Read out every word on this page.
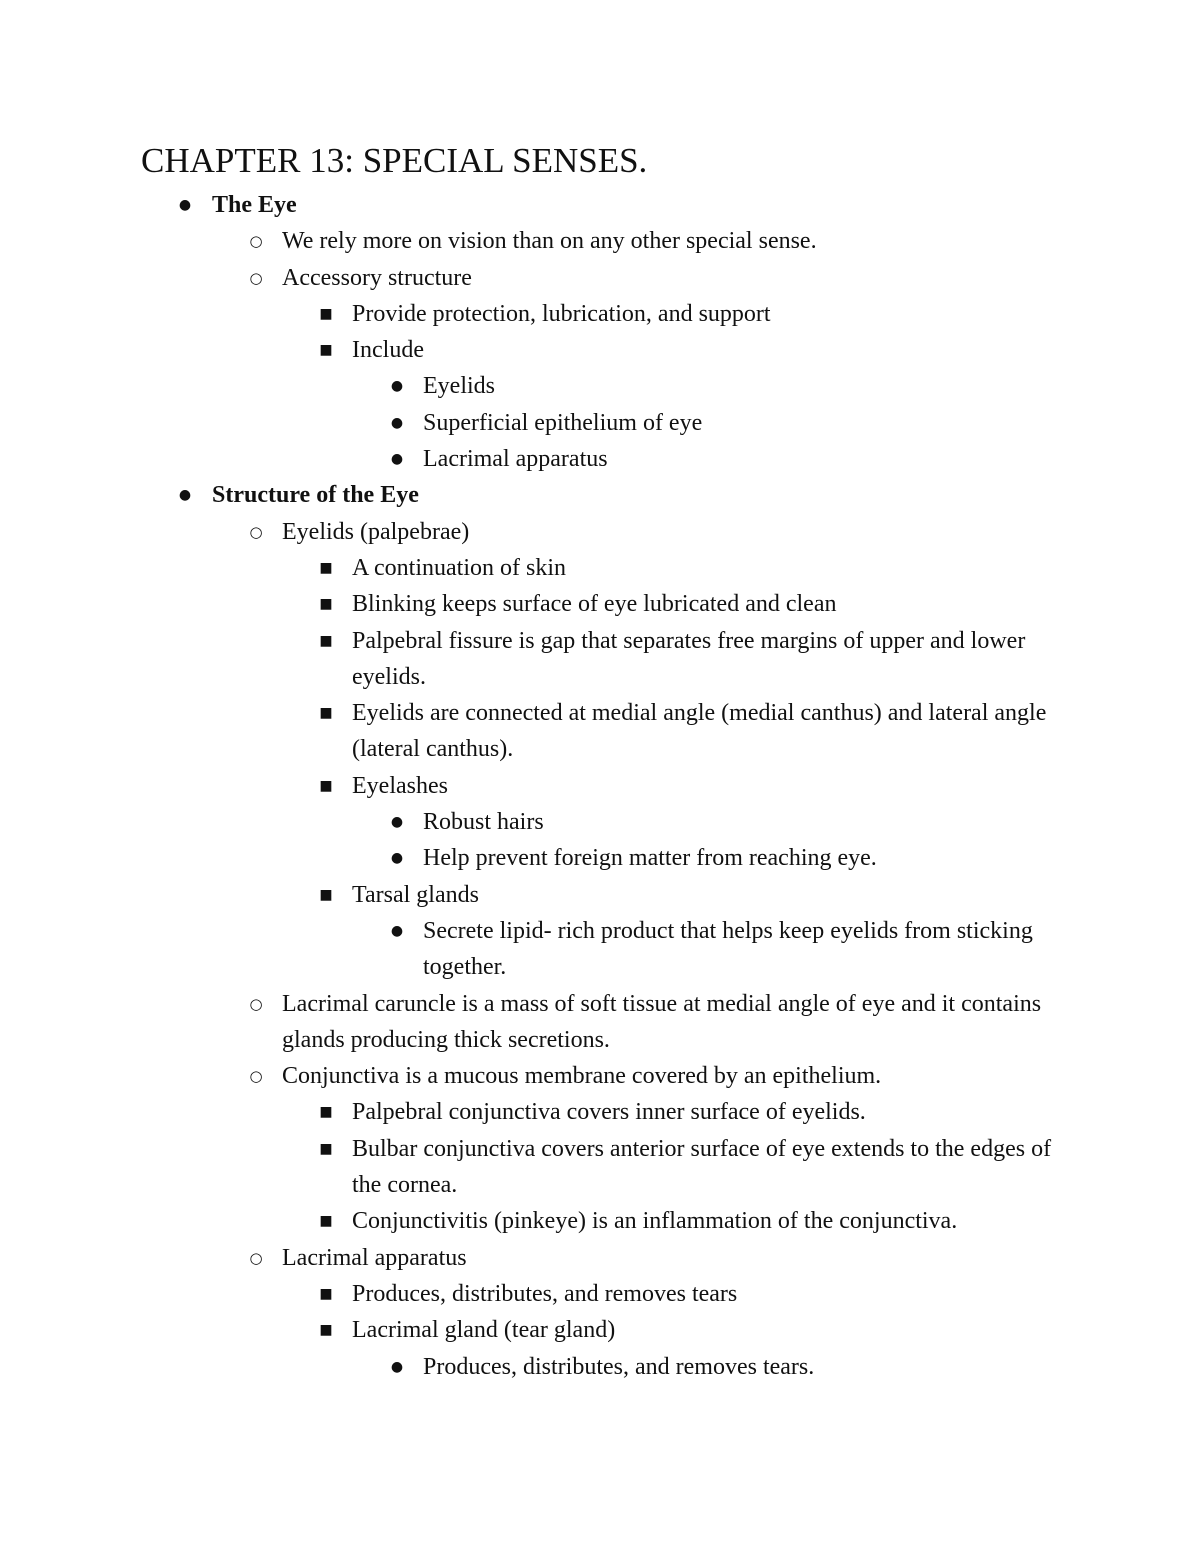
CHAPTER 13: SPECIAL SENSES.
● The Eye
○ We rely more on vision than on any other special sense.
○ Accessory structure
■ Provide protection, lubrication, and support
■ Include
● Eyelids
● Superficial epithelium of eye
● Lacrimal apparatus
● Structure of the Eye
○ Eyelids (palpebrae)
■ A continuation of skin
■ Blinking keeps surface of eye lubricated and clean
■ Palpebral fissure is gap that separates free margins of upper and lower eyelids.
■ Eyelids are connected at medial angle (medial canthus) and lateral angle (lateral canthus).
■ Eyelashes
● Robust hairs
● Help prevent foreign matter from reaching eye.
■ Tarsal glands
● Secrete lipid- rich product that helps keep eyelids from sticking together.
○ Lacrimal caruncle is a mass of soft tissue at medial angle of eye and it contains glands producing thick secretions.
○ Conjunctiva is a mucous membrane covered by an epithelium.
■ Palpebral conjunctiva covers inner surface of eyelids.
■ Bulbar conjunctiva covers anterior surface of eye extends to the edges of the cornea.
■ Conjunctivitis (pinkeye) is an inflammation of the conjunctiva.
○ Lacrimal apparatus
■ Produces, distributes, and removes tears
■ Lacrimal gland (tear gland)
● Produces, distributes, and removes tears.
